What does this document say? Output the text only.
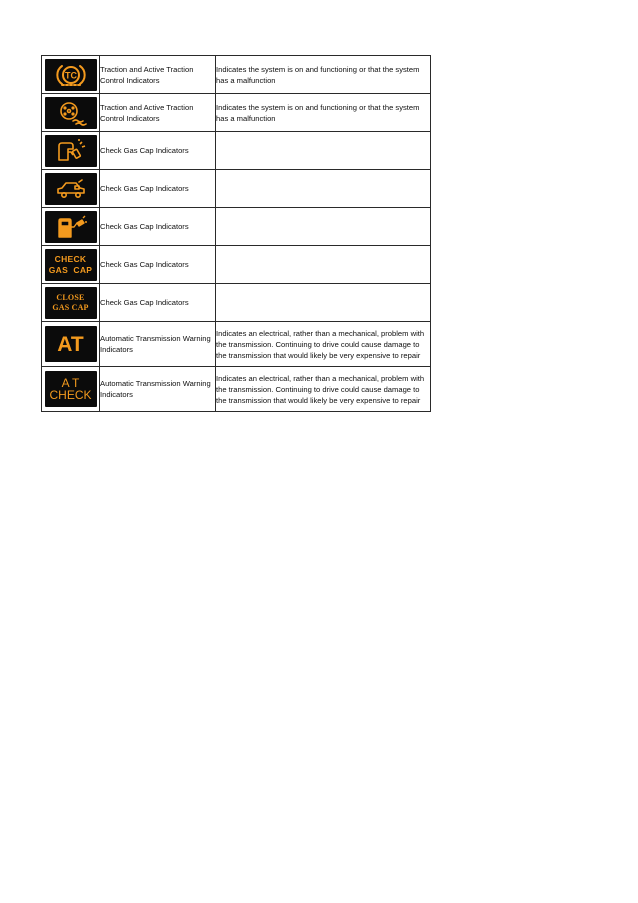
TC	Traction and Active Traction Control Indicators	Indicates the system is on and functioning or that the system has a malfunction

	Traction and Active Traction Control Indicators	Indicates the system is on and functioning or that the system has a malfunction

	Check Gas Cap Indicators	

	Check Gas Cap Indicators	

	Check Gas Cap Indicators	

CHECK
GAS  CAP	Check Gas Cap Indicators	

CLOSE
GAS CAP	Check Gas Cap Indicators	

AT	Automatic Transmission Warning Indicators	Indicates an electrical, rather than a mechanical, problem with the transmission. Continuing to drive could cause damage to the transmission that would likely be very expensive to repair

A T
CHECK	Automatic Transmission Warning Indicators	Indicates an electrical, rather than a mechanical, problem with the transmission. Continuing to drive could cause damage to the transmission that would likely be very expensive to repair
